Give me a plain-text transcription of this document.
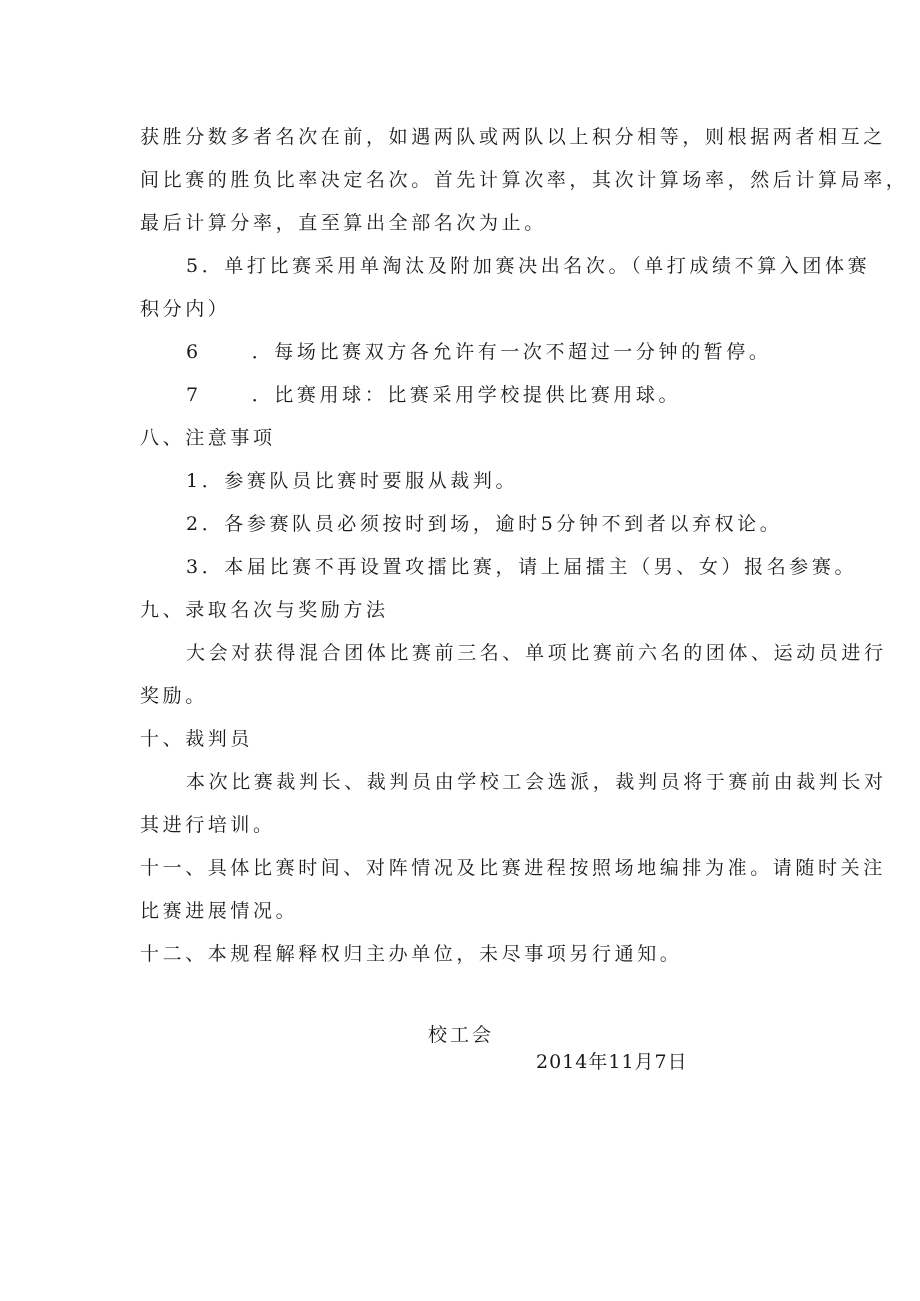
获胜分数多者名次在前，如遇两队或两队以上积分相等，则根据两者相互之

间比赛的胜负比率决定名次。首先计算次率，其次计算场率，然后计算局率，

最后计算分率，直至算出全部名次为止。

5．单打比赛采用单淘汰及附加赛决出名次。（单打成绩不算入团体赛

积分内）

6	．每场比赛双方各允许有一次不超过一分钟的暂停。

7	．比赛用球：比赛采用学校提供比赛用球。

八、注意事项

1．参赛队员比赛时要服从裁判。

2．各参赛队员必须按时到场，逾时5分钟不到者以弃权论。

3．本届比赛不再设置攻擂比赛，请上届擂主（男、女）报名参赛。

九、录取名次与奖励方法

大会对获得混合团体比赛前三名、单项比赛前六名的团体、运动员进行

奖励。

十、裁判员

本次比赛裁判长、裁判员由学校工会选派，裁判员将于赛前由裁判长对

其进行培训。

十一、具体比赛时间、对阵情况及比赛进程按照场地编排为准。请随时关注

比赛进展情况。

十二、本规程解释权归主办单位，未尽事项另行通知。

校工会
2014年11月7日
